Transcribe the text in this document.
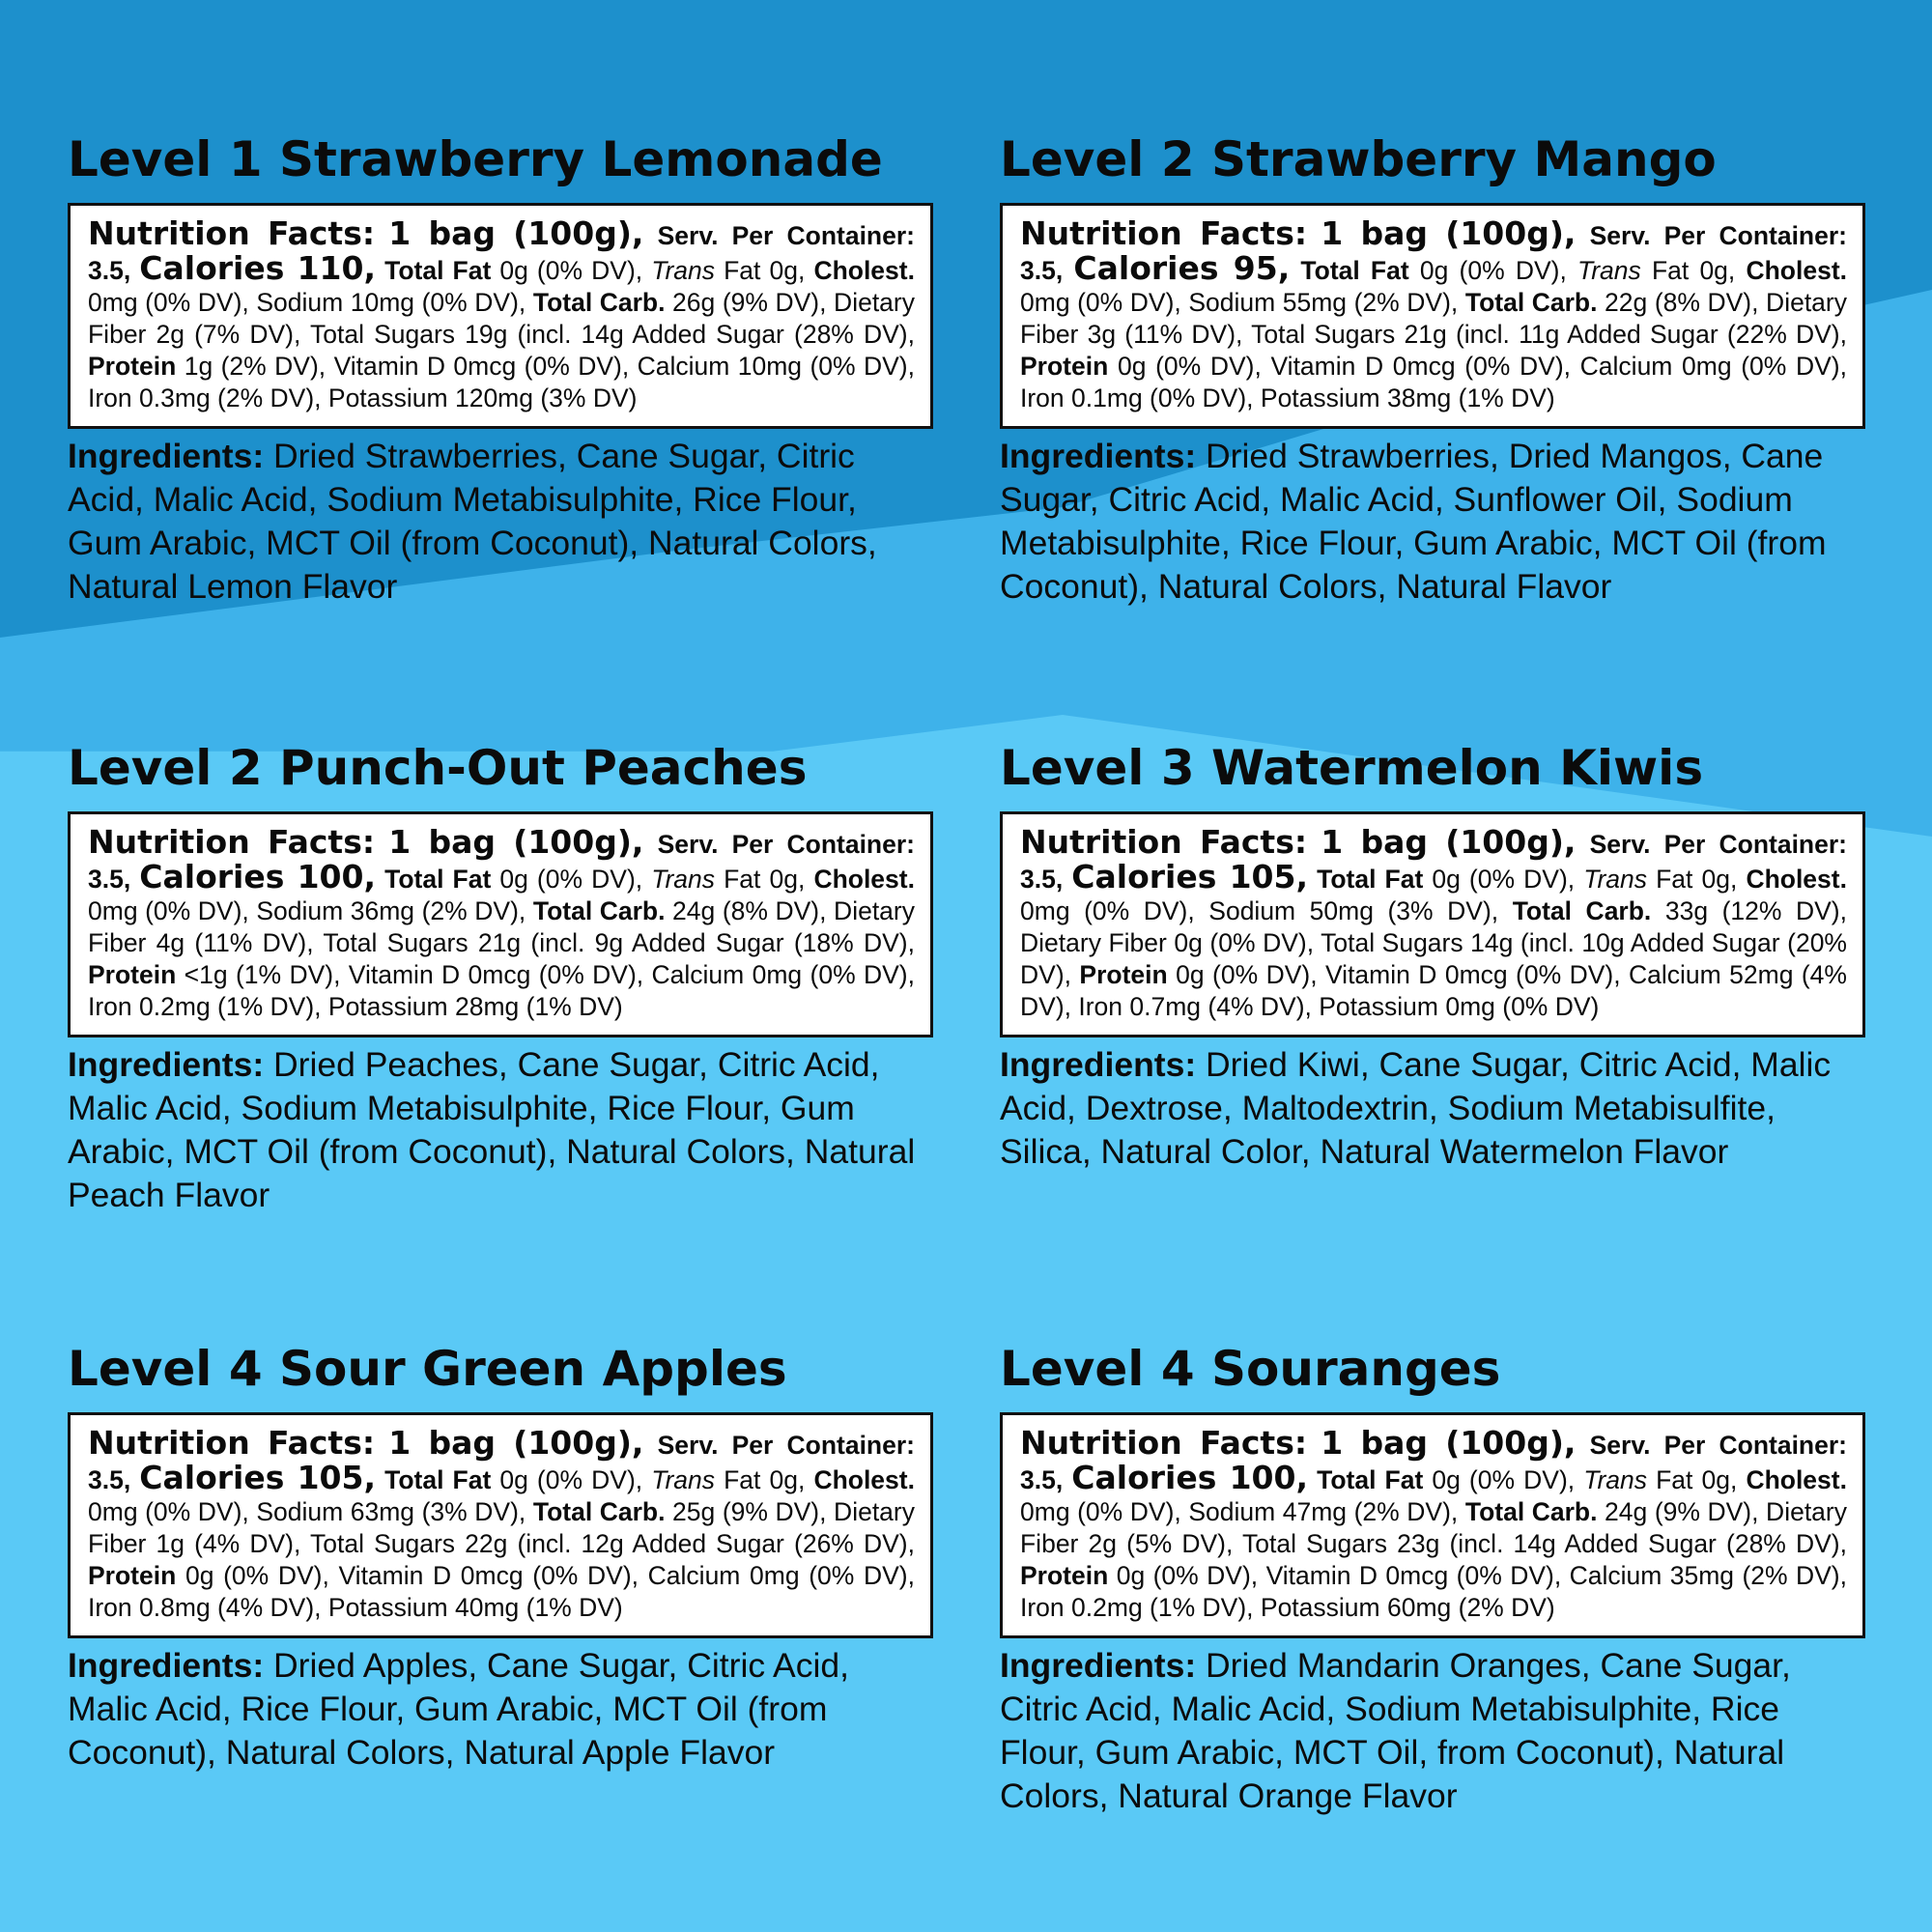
Level 1 Strawberry Lemonade
Nutrition Facts: 1 bag (100g), Serv. Per Container: 3.5, Calories 110, Total Fat 0g (0% DV), Trans Fat 0g, Cholest. 0mg (0% DV), Sodium 10mg (0% DV), Total Carb. 26g (9% DV), Dietary Fiber 2g (7% DV), Total Sugars 19g (incl. 14g Added Sugar (28% DV), Protein 1g (2% DV), Vitamin D 0mcg (0% DV), Calcium 10mg (0% DV), Iron 0.3mg (2% DV), Potassium 120mg (3% DV)
Ingredients: Dried Strawberries, Cane Sugar, Citric Acid, Malic Acid, Sodium Metabisulphite, Rice Flour, Gum Arabic, MCT Oil (from Coconut), Natural Colors, Natural Lemon Flavor
Level 2 Strawberry Mango
Nutrition Facts: 1 bag (100g), Serv. Per Container: 3.5, Calories 95, Total Fat 0g (0% DV), Trans Fat 0g, Cholest. 0mg (0% DV), Sodium 55mg (2% DV), Total Carb. 22g (8% DV), Dietary Fiber 3g (11% DV), Total Sugars 21g (incl. 11g Added Sugar (22% DV), Protein 0g (0% DV), Vitamin D 0mcg (0% DV), Calcium 0mg (0% DV), Iron 0.1mg (0% DV), Potassium 38mg (1% DV)
Ingredients: Dried Strawberries, Dried Mangos, Cane Sugar, Citric Acid, Malic Acid, Sunflower Oil, Sodium Metabisulphite, Rice Flour, Gum Arabic, MCT Oil (from Coconut), Natural Colors, Natural Flavor
Level 2 Punch-Out Peaches
Nutrition Facts: 1 bag (100g), Serv. Per Container: 3.5, Calories 100, Total Fat 0g (0% DV), Trans Fat 0g, Cholest. 0mg (0% DV), Sodium 36mg (2% DV), Total Carb. 24g (8% DV), Dietary Fiber 4g (11% DV), Total Sugars 21g (incl. 9g Added Sugar (18% DV), Protein <1g (1% DV), Vitamin D 0mcg (0% DV), Calcium 0mg (0% DV), Iron 0.2mg (1% DV), Potassium 28mg (1% DV)
Ingredients: Dried Peaches, Cane Sugar, Citric Acid, Malic Acid, Sodium Metabisulphite, Rice Flour, Gum Arabic, MCT Oil (from Coconut), Natural Colors, Natural Peach Flavor
Level 3 Watermelon Kiwis
Nutrition Facts: 1 bag (100g), Serv. Per Container: 3.5, Calories 105, Total Fat 0g (0% DV), Trans Fat 0g, Cholest. 0mg (0% DV), Sodium 50mg (3% DV), Total Carb. 33g (12% DV), Dietary Fiber 0g (0% DV), Total Sugars 14g (incl. 10g Added Sugar (20% DV), Protein 0g (0% DV), Vitamin D 0mcg (0% DV), Calcium 52mg (4% DV), Iron 0.7mg (4% DV), Potassium 0mg (0% DV)
Ingredients: Dried Kiwi, Cane Sugar, Citric Acid, Malic Acid, Dextrose, Maltodextrin, Sodium Metabisulfite, Silica, Natural Color, Natural Watermelon Flavor
Level 4 Sour Green Apples
Nutrition Facts: 1 bag (100g), Serv. Per Container: 3.5, Calories 105, Total Fat 0g (0% DV), Trans Fat 0g, Cholest. 0mg (0% DV), Sodium 63mg (3% DV), Total Carb. 25g (9% DV), Dietary Fiber 1g (4% DV), Total Sugars 22g (incl. 12g Added Sugar (26% DV), Protein 0g (0% DV), Vitamin D 0mcg (0% DV), Calcium 0mg (0% DV), Iron 0.8mg (4% DV), Potassium 40mg (1% DV)
Ingredients: Dried Apples, Cane Sugar, Citric Acid, Malic Acid, Rice Flour, Gum Arabic, MCT Oil (from Coconut), Natural Colors, Natural Apple Flavor
Level 4 Souranges
Nutrition Facts: 1 bag (100g), Serv. Per Container: 3.5, Calories 100, Total Fat 0g (0% DV), Trans Fat 0g, Cholest. 0mg (0% DV), Sodium 47mg (2% DV), Total Carb. 24g (9% DV), Dietary Fiber 2g (5% DV), Total Sugars 23g (incl. 14g Added Sugar (28% DV), Protein 0g (0% DV), Vitamin D 0mcg (0% DV), Calcium 35mg (2% DV), Iron 0.2mg (1% DV), Potassium 60mg (2% DV)
Ingredients: Dried Mandarin Oranges, Cane Sugar, Citric Acid, Malic Acid, Sodium Metabisulphite, Rice Flour, Gum Arabic, MCT Oil, from Coconut), Natural Colors, Natural Orange Flavor
